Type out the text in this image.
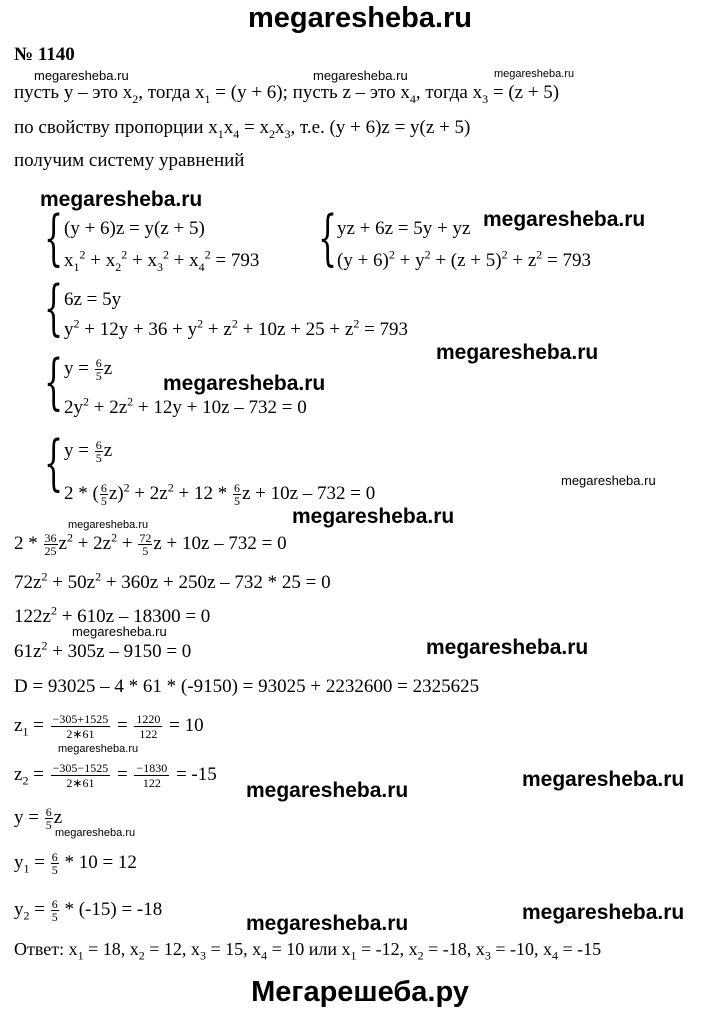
megaresheba.ru
№ 1140
пусть y – это $x_2$, тогда $x_1 = (y + 6)$; пусть z – это $x_4$, тогда $x_3 = (z + 5)$
по свойству пропорции $x_1x_4 = x_2x_3$, т.е. (y + 6)z = y(z + 5)
получим систему уравнений
{ (y + 6)z = y(z + 5)
$x_1^2 + x_2^2 + x_3^2 + x_4^2 = 793$ { yz + 6z = 5y + yz
$(y + 6)^2 + y^2 + (z + 5)^2 + z^2 = 793$
{ 6z = 5y
$y^2 + 12y + 36 + y^2 + z^2 + 10z + 25 + z^2 = 793$
{ $y = \frac{6}{5}$ z
$2y^2 + 2z^2 + 12y + 10z - 732 = 0$
{ $y = \frac{6}{5}$ z
2 * ( $\frac{6}{5} z)^2 + 2z^2 + 12 * \frac{6}{5}$ z + 10z – 732 = 0
$2 * \frac{36}{25} z^2 + 2z^2 + \frac{72}{5}$ z + 10z – 732 = 0
$72z^2 + 50z^2 + 360z + 250z - 732 * 25 = 0$
$122z^2 + 610z - 18300 = 0$
$61z^2 + 305z - 9150 = 0$
D = 93025 – 4 * 61 * (-9150) = 93025 + 2232600 = 2325625
$z_1 = \frac{-305+1525}{2∗61} = \frac{1220}{122} = 10$
$z_2 = \frac{-305-1525}{2∗61} = \frac{-1830}{122} = -15$
$y = \frac{6}{5}$ z
$y_1 = \frac{6}{5} * 10 = 12$
$y_2 = \frac{6}{5} * (-15) = -18$
Ответ: $x_1 = 18$, $x_2 = 12$, $x_3 = 15$, $x_4 = 10$ или $x_1 = -12$, $x_2 = -18$, $x_3 = -10$, $x_4 = -15$
Мегарешеба.ру
megaresheba.ru	megaresheba.ru	megaresheba.ru
megaresheba.ru
megaresheba.ru
megaresheba.ru
megaresheba.ru
megaresheba.ru
megaresheba.ru
megaresheba.ru
megaresheba.ru
megaresheba.ru
megaresheba.ru
megaresheba.ru
megaresheba.ru
megaresheba.ru
megaresheba.ru	megaresheba.ru
